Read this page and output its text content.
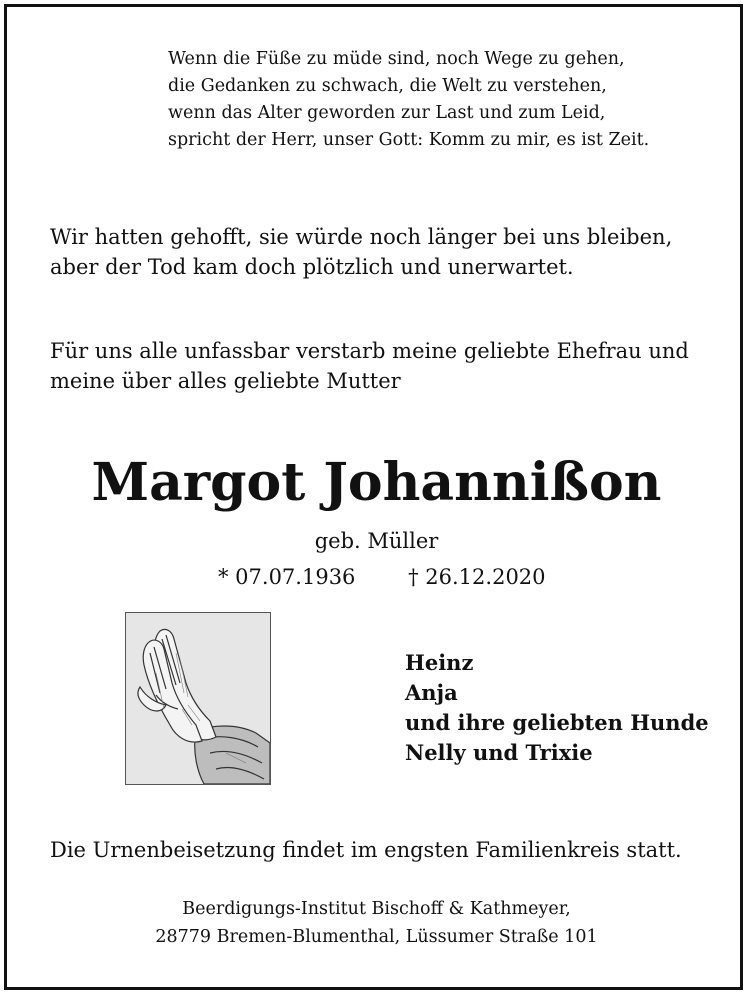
Wenn die Füße zu müde sind, noch Wege zu gehen,
die Gedanken zu schwach, die Welt zu verstehen,
wenn das Alter geworden zur Last und zum Leid,
spricht der Herr, unser Gott: Komm zu mir, es ist Zeit.
Wir hatten gehofft, sie würde noch länger bei uns bleiben,
aber der Tod kam doch plötzlich und unerwartet.
Für uns alle unfassbar verstarb meine geliebte Ehefrau und
meine über alles geliebte Mutter
Margot Johannißon
geb. Müller
* 07.07.1936	† 26.12.2020
Heinz
Anja
und ihre geliebten Hunde
Nelly und Trixie
Die Urnenbeisetzung findet im engsten Familienkreis statt.
Beerdigungs-Institut Bischoff & Kathmeyer,
28779 Bremen-Blumenthal, Lüssumer Straße 101
